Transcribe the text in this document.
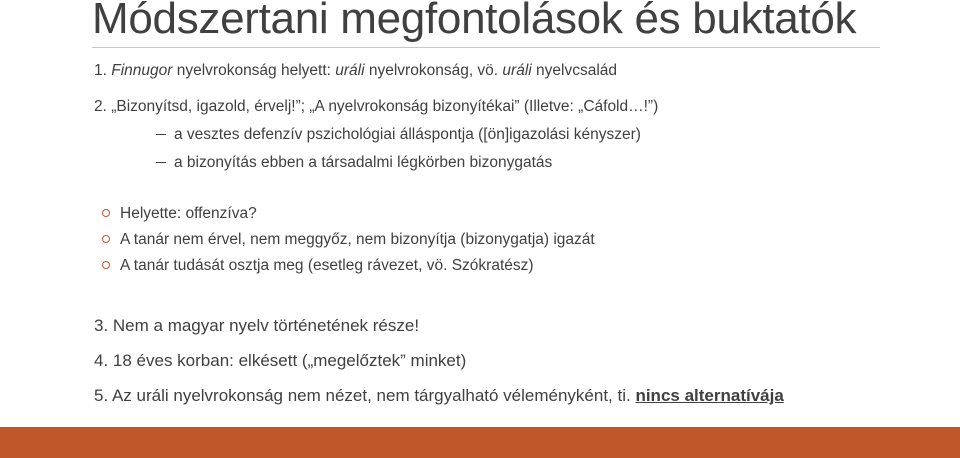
Módszertani megfontolások és buktatók
1. Finnugor nyelvrokonság helyett: uráli nyelvrokonság, vö. uráli nyelvcsalád
2. „Bizonyítsd, igazold, érvelj!”; „A nyelvrokonság bizonyítékai” (Illetve: „Cáfold…!”)
a vesztes defenzív pszichológiai álláspontja ([ön]igazolási kényszer)
a bizonyítás ebben a társadalmi légkörben bizonygatás
Helyette: offenzíva?
A tanár nem érvel, nem meggyőz, nem bizonyítja (bizonygatja) igazát
A tanár tudását osztja meg (esetleg rávezet, vö. Szókratész)
3. Nem a magyar nyelv történetének része!
4. 18 éves korban: elkésett („megelőztek” minket)
5. Az uráli nyelvrokonság nem nézet, nem tárgyalható véleményként, ti. nincs alternatívája
